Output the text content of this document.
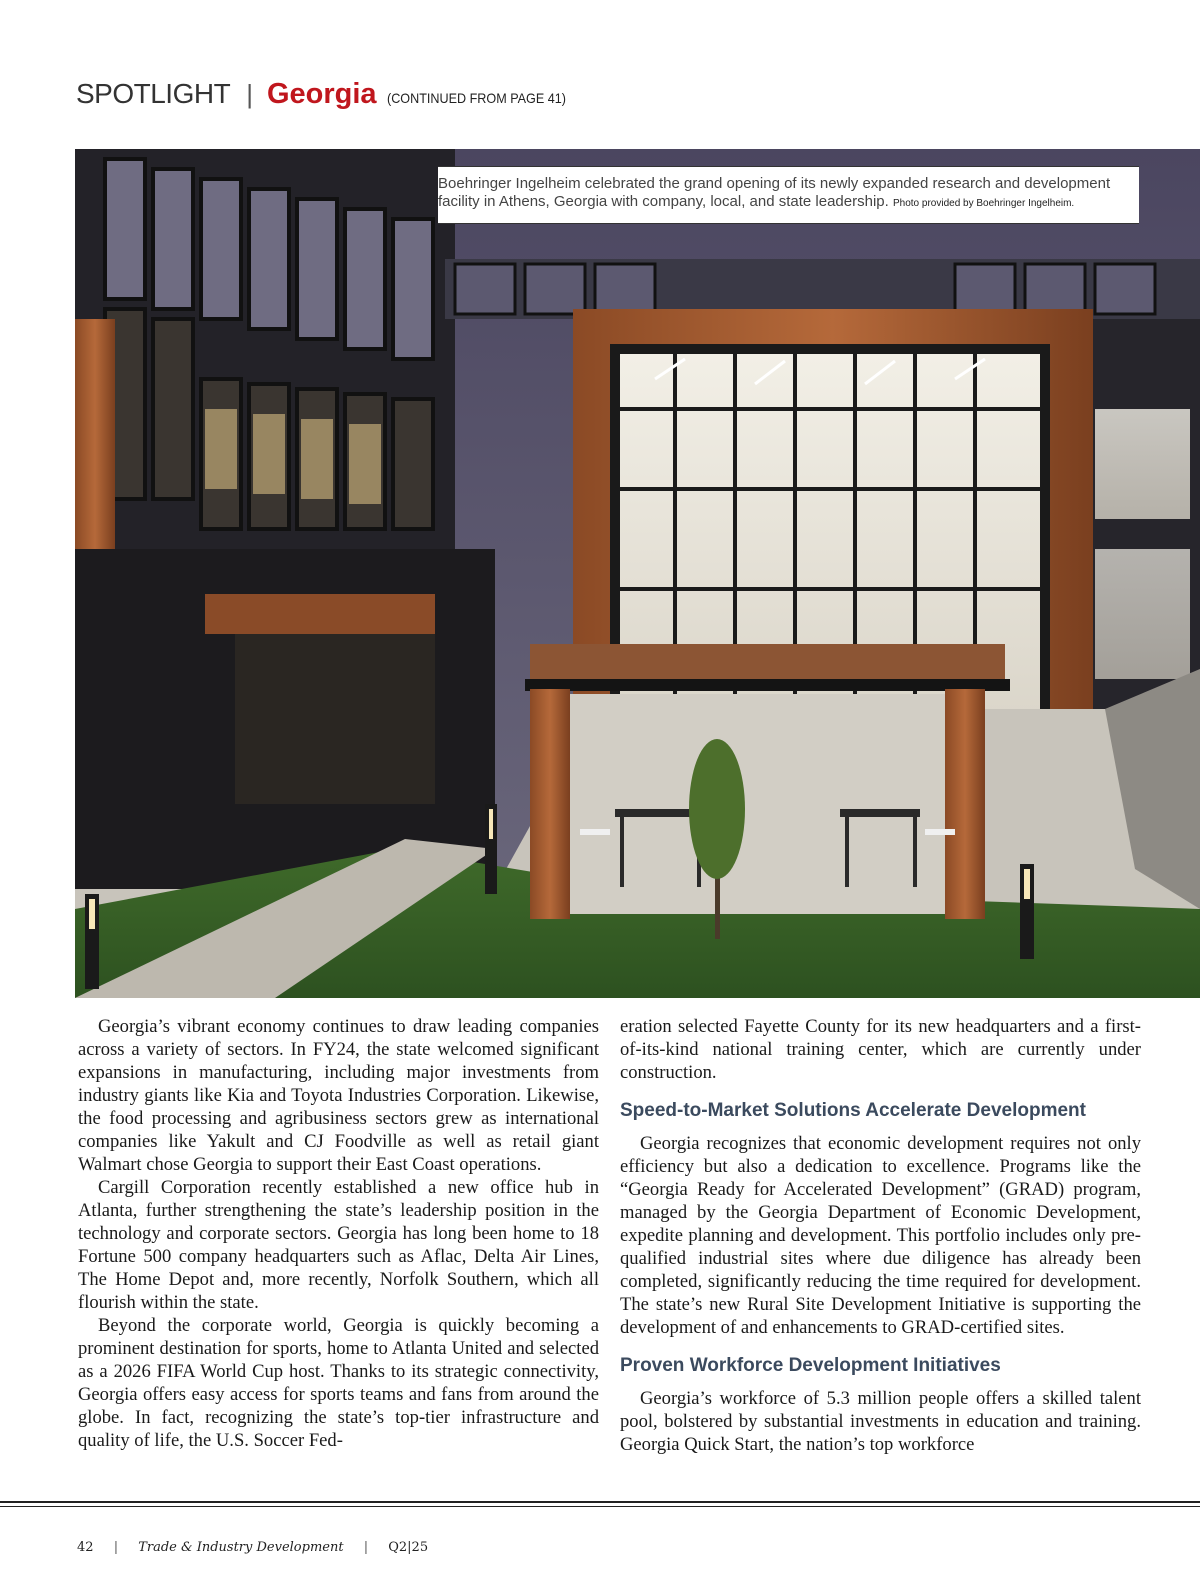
SPOTLIGHT | Georgia (CONTINUED FROM PAGE 41)
Boehringer Ingelheim celebrated the grand opening of its newly expanded research and development facility in Athens, Georgia with company, local, and state leadership. Photo provided by Boehringer Ingelheim.

Georgia’s vibrant economy continues to draw leading companies across a variety of sectors. In FY24, the state welcomed significant expansions in manufacturing, including major investments from industry giants like Kia and Toyota Industries Corporation. Likewise, the food processing and agribusiness sectors grew as international companies like Yakult and CJ Foodville as well as retail giant Walmart chose Georgia to support their East Coast operations.

Cargill Corporation recently established a new office hub in Atlanta, further strengthening the state’s leadership position in the technology and corporate sectors. Georgia has long been home to 18 Fortune 500 company headquarters such as Aflac, Delta Air Lines, The Home Depot and, more recently, Norfolk Southern, which all flourish within the state.

Beyond the corporate world, Georgia is quickly becoming a prominent destination for sports, home to Atlanta United and selected as a 2026 FIFA World Cup host. Thanks to its strategic connectivity, Georgia offers easy access for sports teams and fans from around the globe. In fact, recognizing the state’s top-tier infrastructure and quality of life, the U.S. Soccer Fed-

eration selected Fayette County for its new headquarters and a first-of-its-kind national training center, which are currently under construction.

Speed-to-Market Solutions Accelerate Development

Georgia recognizes that economic development requires not only efficiency but also a dedication to excellence. Programs like the “Georgia Ready for Accelerated Development” (GRAD) program, managed by the Georgia Department of Economic Development, expedite planning and development. This portfolio includes only pre-qualified industrial sites where due diligence has already been completed, significantly reducing the time required for development. The state’s new Rural Site Development Initiative is supporting the development of and enhancements to GRAD-certified sites.

Proven Workforce Development Initiatives

Georgia’s workforce of 5.3 million people offers a skilled talent pool, bolstered by substantial investments in education and training. Georgia Quick Start, the nation’s top workforce

42 | Trade & Industry Development | Q2|25
